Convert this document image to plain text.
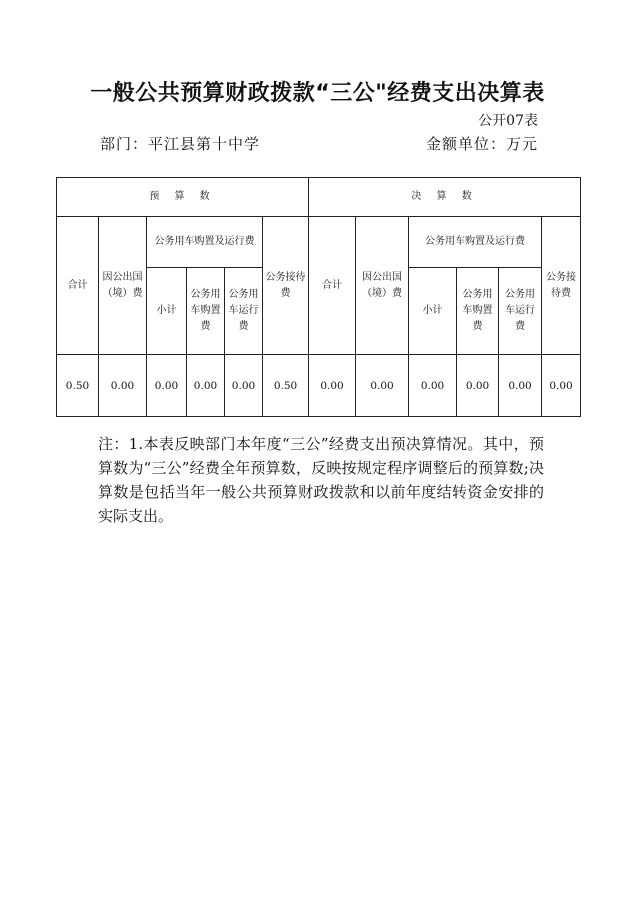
一般公共预算财政拨款“三公"经费支出决算表
公开07表
部门：平江县第十中学	金额单位：万元
预 算 数						决 算 数					
合计	因公出国（境）费	公务用车购置及运行费			公务接待费	合计	因公出国（境）费	公务用车购置及运行费			公务接待费
		小计	公务用车购置费	公务用车运行费				小计	公务用车购置费	公务用车运行费	
0.50	0.00	0.00	0.00	0.00	0.50	0.00	0.00	0.00	0.00	0.00	0.00
注：1.本表反映部门本年度“三公”经费支出预决算情况。其中，预算数为“三公”经费全年预算数，反映按规定程序调整后的预算数;决算数是包括当年一般公共预算财政拨款和以前年度结转资金安排的实际支出。
